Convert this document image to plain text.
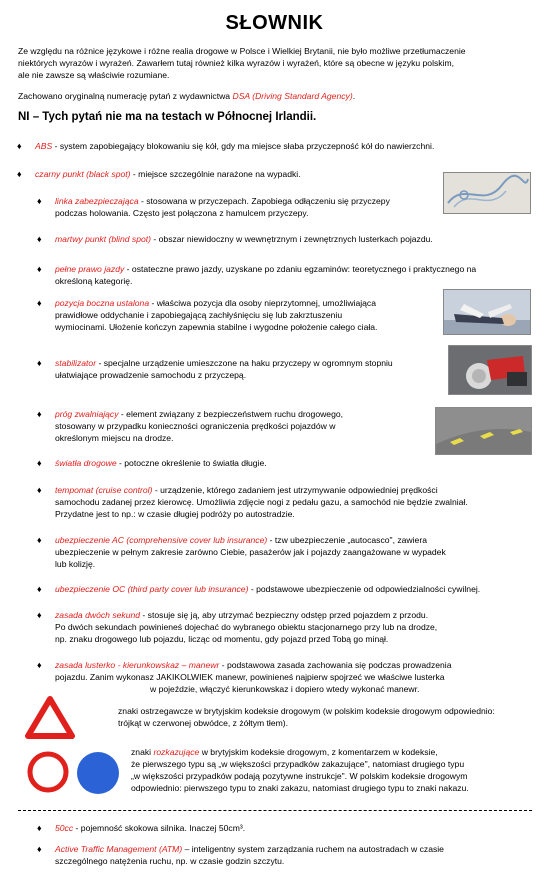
SŁOWNIK
Ze względu na różnice językowe i różne realia drogowe w Polsce i Wielkiej Brytanii, nie było możliwe przetłumaczenie
niektórych wyrazów i wyrażeń. Zawarłem tutaj również kilka wyrazów i wyrażeń, które są obecne w języku polskim,
ale nie zawsze są właściwie rozumiane.
Zachowano oryginalną numerację pytań z wydawnictwa DSA (Driving Standard Agency).
NI – Tych pytań nie ma na testach w Północnej Irlandii.
♦ ABS - system zapobiegający blokowaniu się kół, gdy ma miejsce słaba przyczepność kół do nawierzchni.
♦ czarny punkt (black spot) - miejsce szczególnie narażone na wypadki.
♦ linka zabezpieczająca - stosowana w przyczepach. Zapobiega odłączeniu się przyczepy
podczas holowania. Często jest połączona z hamulcem przyczepy.
♦ martwy punkt (blind spot) - obszar niewidoczny w wewnętrznym i zewnętrznych lusterkach pojazdu.
♦ pełne prawo jazdy - ostateczne prawo jazdy, uzyskane po zdaniu egzaminów: teoretycznego i praktycznego na
określoną kategorię.
♦ pozycja boczna ustalona - właściwa pozycja dla osoby nieprzytomnej, umożliwiająca
prawidłowe oddychanie i zapobiegającą zachłyśnięciu się lub zakrztuszeniu
wymiocinami. Ułożenie kończyn zapewnia stabilne i wygodne położenie całego ciała.
♦ stabilizator - specjalne urządzenie umieszczone na haku przyczepy w ogromnym stopniu
ułatwiające prowadzenie samochodu z przyczepą.
♦ próg zwalniający - element związany z bezpieczeństwem ruchu drogowego,
stosowany w przypadku konieczności ograniczenia prędkości pojazdów w
określonym miejscu na drodze.
♦ światła drogowe - potoczne określenie to światła długie.
♦ tempomat (cruise control) - urządzenie, którego zadaniem jest utrzymywanie odpowiedniej prędkości
samochodu zadanej przez kierowcę. Umożliwia zdjęcie nogi z pedału gazu, a samochód nie będzie zwalniał.
Przydatne jest to np.: w czasie długiej podróży po autostradzie.
♦ ubezpieczenie AC (comprehensive cover lub insurance) - tzw ubezpieczenie „autocasco", zawiera
ubezpieczenie w pełnym zakresie zarówno Ciebie, pasażerów jak i pojazdy zaangażowane w wypadek
lub kolizję.
♦ ubezpieczenie OC (third party cover lub insurance) - podstawowe ubezpieczenie od odpowiedzialności cywilnej.
♦ zasada dwóch sekund - stosuje się ją, aby utrzymać bezpieczny odstęp przed pojazdem z przodu.
Po dwóch sekundach powinieneś dojechać do wybranego obiektu stacjonarnego przy lub na drodze,
np. znaku drogowego lub pojazdu, licząc od momentu, gdy pojazd przed Tobą go minął.
♦ zasada lusterko - kierunkowskaz – manewr - podstawowa zasada zachowania się podczas prowadzenia
pojazdu. Zanim wykonasz JAKIKOLWIEK manewr, powinieneś najpierw spojrzeć we właściwe lusterka
w pojeździe, włączyć kierunkowskaz i dopiero wtedy wykonać manewr.
znaki ostrzegawcze w brytyjskim kodeksie drogowym (w polskim kodeksie drogowym odpowiednio:
trójkąt w czerwonej obwódce, z żółtym tłem).
znaki rozkazujące w brytyjskim kodeksie drogowym, z komentarzem w kodeksie,
że pierwszego typu są „w większości przypadków zakazujące", natomiast drugiego typu
„w większości przypadków podają pozytywne instrukcje". W polskim kodeksie drogowym
odpowiednio: pierwszego typu to znaki zakazu, natomiast drugiego typu to znaki nakazu.
♦ 50cc - pojemność skokowa silnika. Inaczej 50cm³.
♦ Active Traffic Management (ATM) – inteligentny system zarządzania ruchem na autostradach w czasie
szczególnego natężenia ruchu, np. w czasie godzin szczytu.
